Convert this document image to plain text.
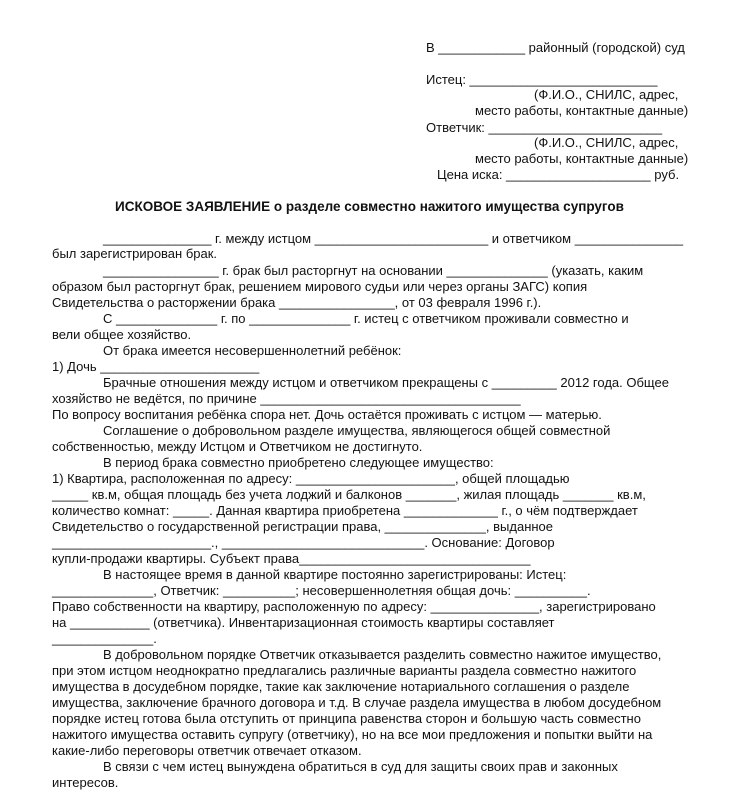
В ____________ районный (городской) суд
Истец: __________________________
(Ф.И.О., СНИЛС, адрес,
место работы, контактные данные)
Ответчик: ________________________
(Ф.И.О., СНИЛС, адрес,
место работы, контактные данные)
Цена иска: ____________________ руб.
ИСКОВОЕ ЗАЯВЛЕНИЕ о разделе совместно нажитого имущества супругов
_______________ г. между истцом ________________________ и ответчиком _______________
был зарегистрирован брак.
________________ г. брак был расторгнут на основании ______________ (указать, каким
образом был расторгнут брак, решением мирового судьи или через органы ЗАГС) копия
Свидетельства о расторжении брака ________________, от 03 февраля 1996 г.).
С ______________ г. по ______________ г. истец с ответчиком проживали совместно и
вели общее хозяйство.
От брака имеется несовершеннолетний ребёнок:
1) Дочь ______________________
Брачные отношения между истцом и ответчиком прекращены с _________ 2012 года. Общее
хозяйство не ведётся, по причине ____________________________________
По вопросу воспитания ребёнка спора нет. Дочь остаётся проживать с истцом — матерью.
Соглашение о добровольном разделе имущества, являющегося общей совместной
собственностью, между Истцом и Ответчиком не достигнуто.
В период брака совместно приобретено следующее имущество:
1) Квартира, расположенная по адресу: ______________________, общей площадью
_____ кв.м, общая площадь без учета лоджий и балконов _______, жилая площадь _______ кв.м,
количество комнат: _____. Данная квартира приобретена _____________ г., о чём подтверждает
Свидетельство о государственной регистрации права, ______________, выданное
______________________., ____________________________. Основание: Договор
купли-продажи квартиры. Субъект права________________________________
В настоящее время в данной квартире постоянно зарегистрированы: Истец:
______________, Ответчик: __________; несовершеннолетняя общая дочь: __________.
Право собственности на квартиру, расположенную по адресу: _______________, зарегистрировано
на ___________ (ответчика). Инвентаризационная стоимость квартиры составляет
______________.
В добровольном порядке Ответчик отказывается разделить совместно нажитое имущество,
при этом истцом неоднократно предлагались различные варианты раздела совместно нажитого
имущества в досудебном порядке, такие как заключение нотариального соглашения о разделе
имущества, заключение брачного договора и т.д. В случае раздела имущества в любом досудебном
порядке истец готова была отступить от принципа равенства сторон и большую часть совместно
нажитого имущества оставить супругу (ответчику), но на все мои предложения и попытки выйти на
какие-либо переговоры ответчик отвечает отказом.
В связи с чем истец вынуждена обратиться в суд для защиты своих прав и законных
интересов.
